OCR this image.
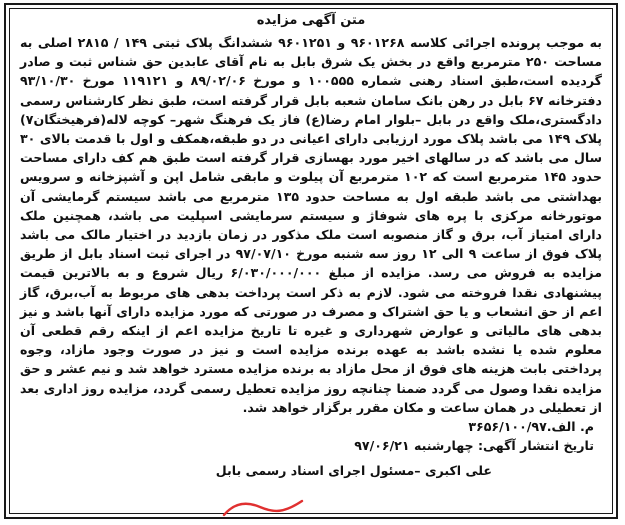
متن آگهی مزایده

به موجب پرونده اجرائی کلاسه ۹۶۰۱۲۶۸ و ۹۶۰۱۲۵۱ ششدانگ پلاک ثبتی ۱۴۹ / ۲۸۱۵ اصلی به مساحت ۲۵۰ مترمربع واقع در بخش یک شرق بابل به نام آقای عابدین حق شناس ثبت و صادر گردیده است،طبق اسناد رهنی شماره ۱۰۰۵۵۵ و مورخ ۸۹/۰۲/۰۶ و ۱۱۹۱۲۱ مورخ ۹۳/۱۰/۳۰ دفترخانه ۶۷ بابل در رهن بانک سامان شعبه بابل قرار گرفته است، طبق نظر کارشناس رسمی دادگستری،ملک واقع در بابل –بلوار امام رضا(ع) فاز یک فرهنگ شهر– کوچه لاله(فرهیختگان۷) پلاک ۱۴۹ می باشد پلاک مورد ارزیابی دارای اعیانی در دو طبقه،همکف و اول با قدمت بالای ۳۰ سال می باشد که در سالهای اخیر مورد بهسازی قرار گرفته است طبق هم کف دارای مساحت حدود ۱۴۵ مترمربع است که ۱۰۲ مترمربع آن پیلوت و مابقی شامل اپن و آشپزخانه و سرویس بهداشتی می باشد طبقه اول به مساحت حدود ۱۳۵ مترمربع می باشد سیستم گرمایشی آن موتورخانه مرکزی با پره های شوفاژ و سیستم سرمایشی اسپلیت می باشد، همچنین ملک دارای امتیاز آب، برق و گاز منصوبه است ملک مذکور در زمان بازدید در اختیار مالک می باشد پلاک فوق از ساعت ۹ الی ۱۲ روز سه شنبه مورخ ۹۷/۰۷/۱۰ در اجرای ثبت اسناد بابل از طریق مزایده به فروش می رسد. مزایده از مبلغ ۶/۰۳۰/۰۰۰/۰۰۰ ریال شروع و به بالاترین قیمت پیشنهادی نقدا فروخته می شود. لازم به ذکر است پرداخت بدهی های مربوط به آب،برق، گاز اعم از حق انشعاب و یا حق اشتراک و مصرف در صورتی که مورد مزایده دارای آنها باشد و نیز بدهی های مالیاتی و عوارض شهرداری و غیره تا تاریخ مزایده اعم از اینکه رقم قطعی آن معلوم شده یا نشده باشد به عهده برنده مزایده است و نیز در صورت وجود مازاد، وجوه پرداختی بابت هزینه های فوق از محل مازاد به برنده مزایده مسترد خواهد شد و نیم عشر و حق مزایده نقدا وصول می گردد ضمنا چنانچه روز مزایده تعطیل رسمی گردد، مزایده روز اداری بعد از تعطیلی در همان ساعت و مکان مقرر برگزار خواهد شد.

م. الف.۳۶۵۶/۱۰۰/۹۷
تاریخ انتشار آگهی: چهارشنبه ۹۷/۰۶/۲۱
علی اکبری –مسئول اجرای اسناد رسمی بابل
